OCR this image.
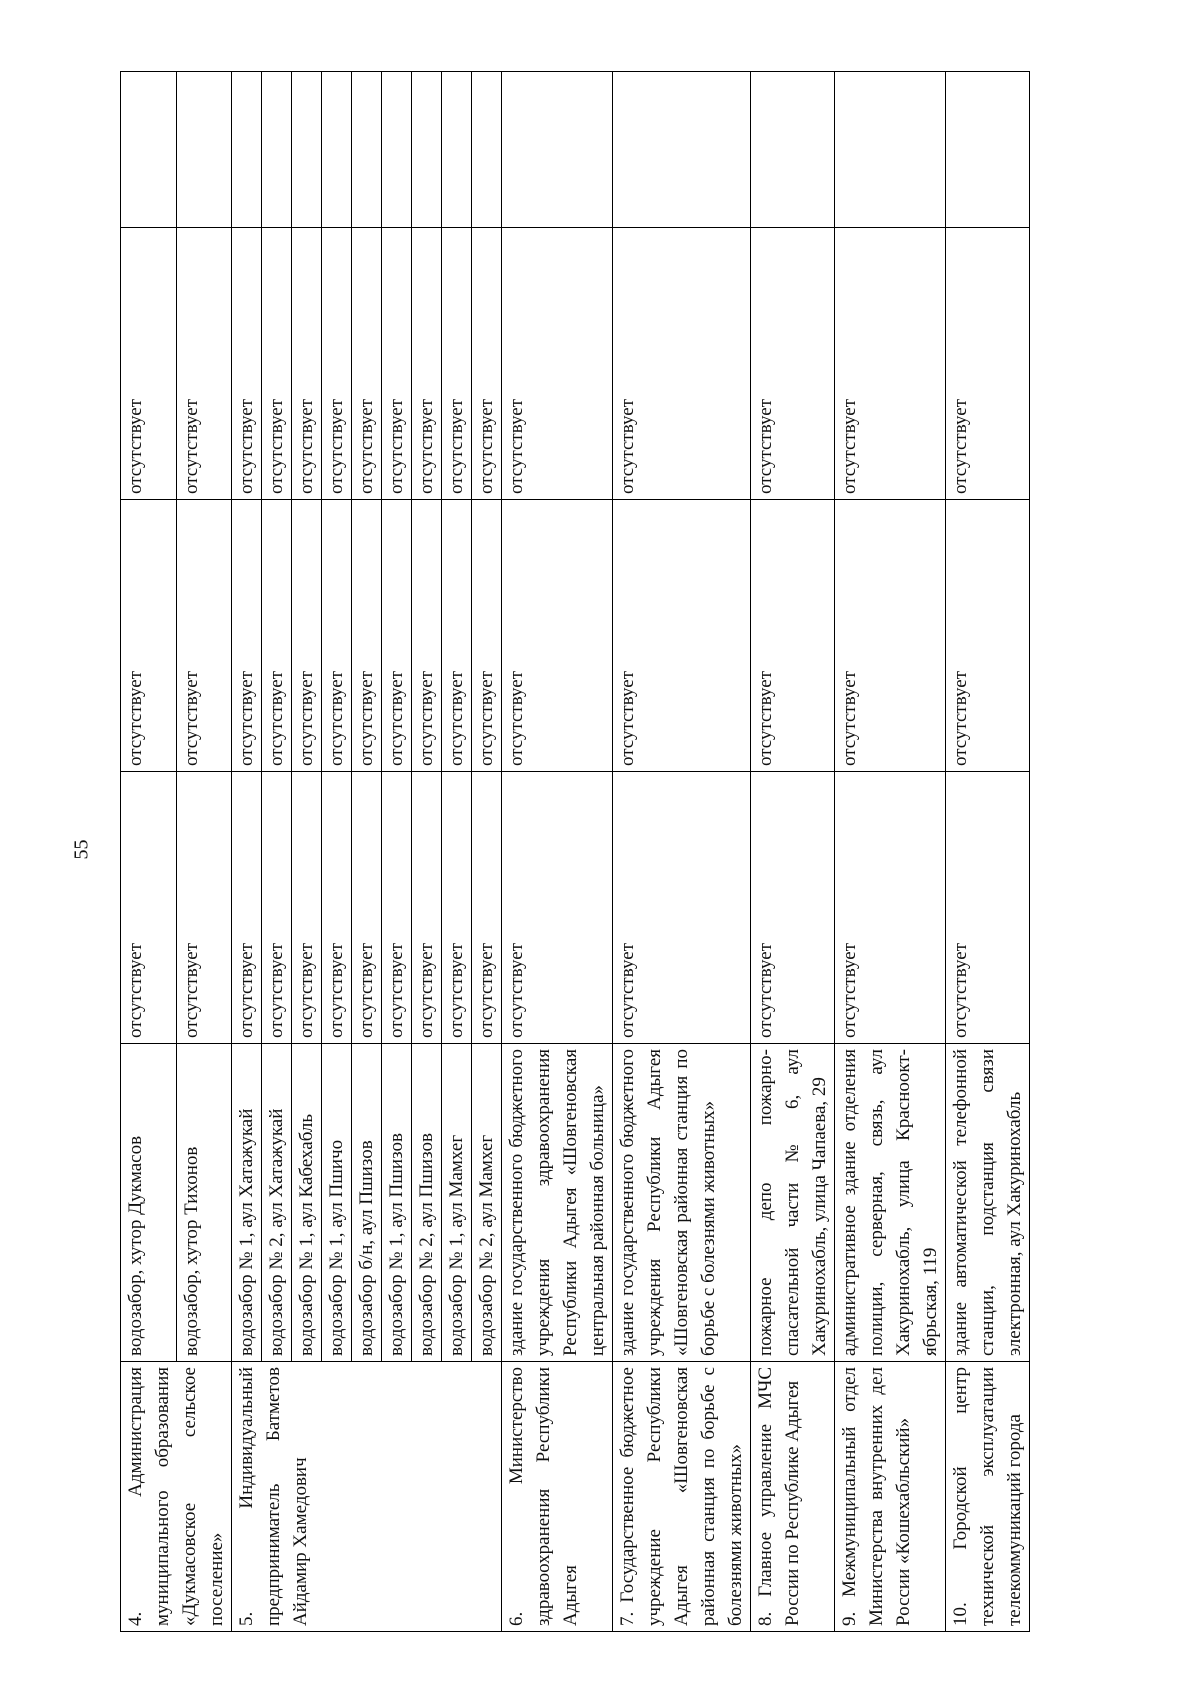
55
4. Администрация муниципального образования «Дукмасовское сельское поселение»	водозабор, хутор Дукмасов	отсутствует	отсутствует	отсутствует	
	водозабор, хутор Тихонов	отсутствует	отсутствует	отсутствует	
5. Индивидуальный предприниматель Батметов Айдамир Хамедович	водозабор № 1, аул Хатажукай	отсутствует	отсутствует	отсутствует	
	водозабор № 2, аул Хатажукай	отсутствует	отсутствует	отсутствует	
	водозабор № 1, аул Кабехабль	отсутствует	отсутствует	отсутствует	
	водозабор № 1, аул Пшичо	отсутствует	отсутствует	отсутствует	
	водозабор б/н, аул Пшизов	отсутствует	отсутствует	отсутствует	
	водозабор № 1, аул Пшизов	отсутствует	отсутствует	отсутствует	
	водозабор № 2, аул Пшизов	отсутствует	отсутствует	отсутствует	
	водозабор № 1, аул Мамхег	отсутствует	отсутствует	отсутствует	
	водозабор № 2, аул Мамхег	отсутствует	отсутствует	отсутствует	
6. Министерство здравоохранения Республики Адыгея	здание государственного бюджетного учреждения здравоохранения Республики Адыгея «Шовгеновская центральная районная больница»	отсутствует	отсутствует	отсутствует	
7. Государственное бюджетное учреждение Республики Адыгея «Шовгеновская районная станция по борьбе с болезнями животных»	здание государственного бюджетного учреждения Республики Адыгея «Шовгеновская районная станция по борьбе с болезнями животных»	отсутствует	отсутствует	отсутствует	
8. Главное управление МЧС России по Республике Адыгея	пожарное депо пожарно-спасательной части № 6, аул Хакуринохабль, улица Чапаева, 29	отсутствует	отсутствует	отсутствует	
9. Межмуниципальный отдел Министерства внутренних дел России «Кошехабльский»	административное здание отделения полиции, серверная, связь, аул Хакуринохабль, улица Краснооктябрьская, 119	отсутствует	отсутствует	отсутствует	
10. Городской центр технической эксплуатации телекоммуникаций города	здание автоматической телефонной станции, подстанция связи электронная, аул Хакуринохабль	отсутствует	отсутствует	отсутствует	
